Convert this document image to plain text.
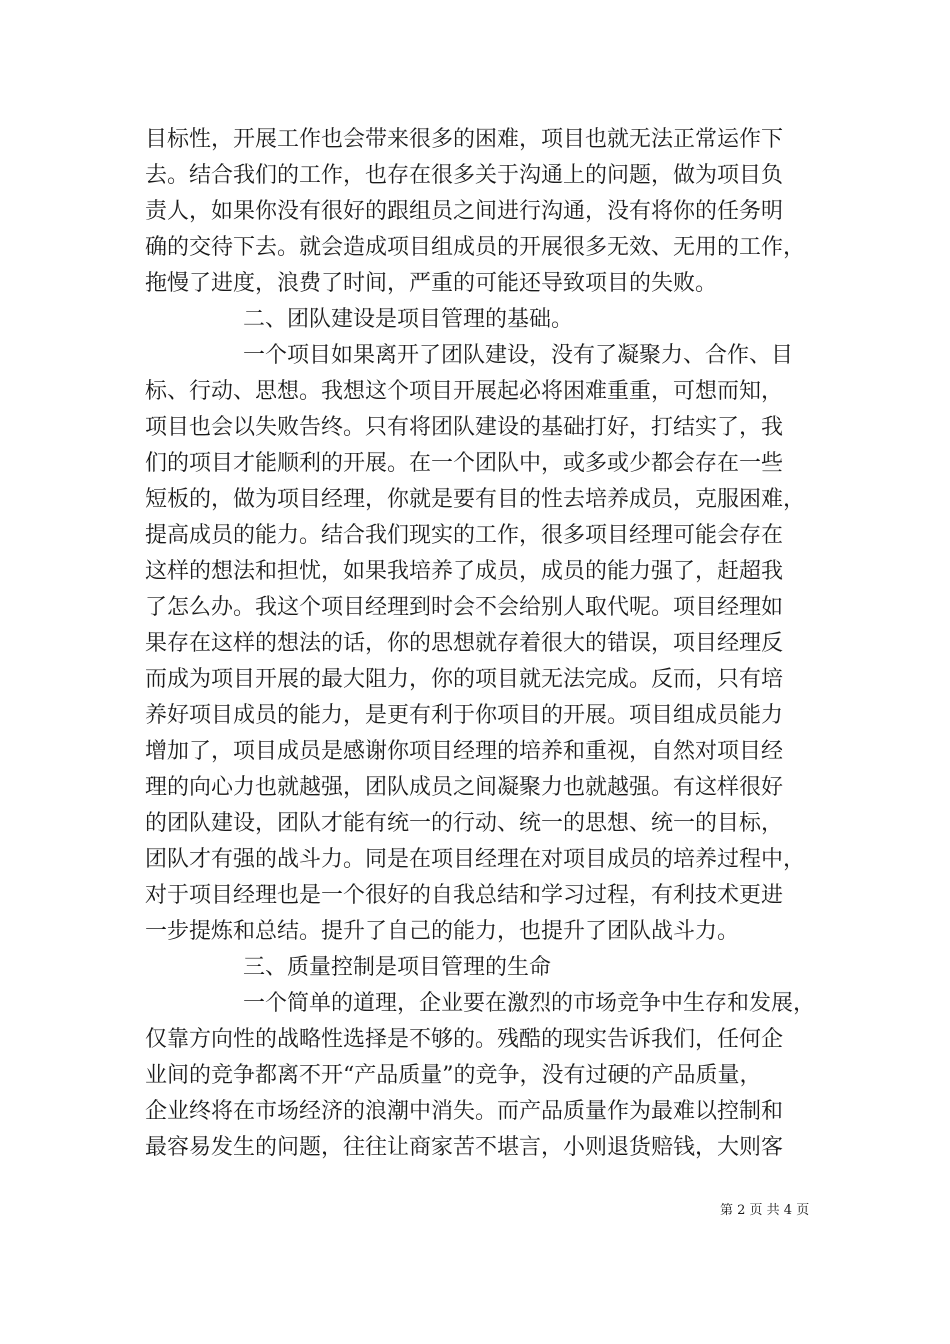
目标性，开展工作也会带来很多的困难，项目也就无法正常运作下
去。结合我们的工作，也存在很多关于沟通上的问题，做为项目负
责人，如果你没有很好的跟组员之间进行沟通，没有将你的任务明
确的交待下去。就会造成项目组成员的开展很多无效、无用的工作，
拖慢了进度，浪费了时间，严重的可能还导致项目的失败。
二、团队建设是项目管理的基础。
一个项目如果离开了团队建设，没有了凝聚力、合作、目
标、行动、思想。我想这个项目开展起必将困难重重，可想而知，
项目也会以失败告终。只有将团队建设的基础打好，打结实了，我
们的项目才能顺利的开展。在一个团队中，或多或少都会存在一些
短板的，做为项目经理，你就是要有目的性去培养成员，克服困难，
提高成员的能力。结合我们现实的工作，很多项目经理可能会存在
这样的想法和担忧，如果我培养了成员，成员的能力强了，赶超我
了怎么办。我这个项目经理到时会不会给别人取代呢。项目经理如
果存在这样的想法的话，你的思想就存着很大的错误，项目经理反
而成为项目开展的最大阻力，你的项目就无法完成。反而，只有培
养好项目成员的能力，是更有利于你项目的开展。项目组成员能力
增加了，项目成员是感谢你项目经理的培养和重视，自然对项目经
理的向心力也就越强，团队成员之间凝聚力也就越强。有这样很好
的团队建设，团队才能有统一的行动、统一的思想、统一的目标，
团队才有强的战斗力。同是在项目经理在对项目成员的培养过程中，
对于项目经理也是一个很好的自我总结和学习过程，有利技术更进
一步提炼和总结。提升了自己的能力，也提升了团队战斗力。
三、质量控制是项目管理的生命
一个简单的道理，企业要在激烈的市场竞争中生存和发展，
仅靠方向性的战略性选择是不够的。残酷的现实告诉我们，任何企
业间的竞争都离不开“产品质量”的竞争，没有过硬的产品质量，
企业终将在市场经济的浪潮中消失。而产品质量作为最难以控制和
最容易发生的问题，往往让商家苦不堪言，小则退货赔钱，大则客
第 2 页 共 4 页
